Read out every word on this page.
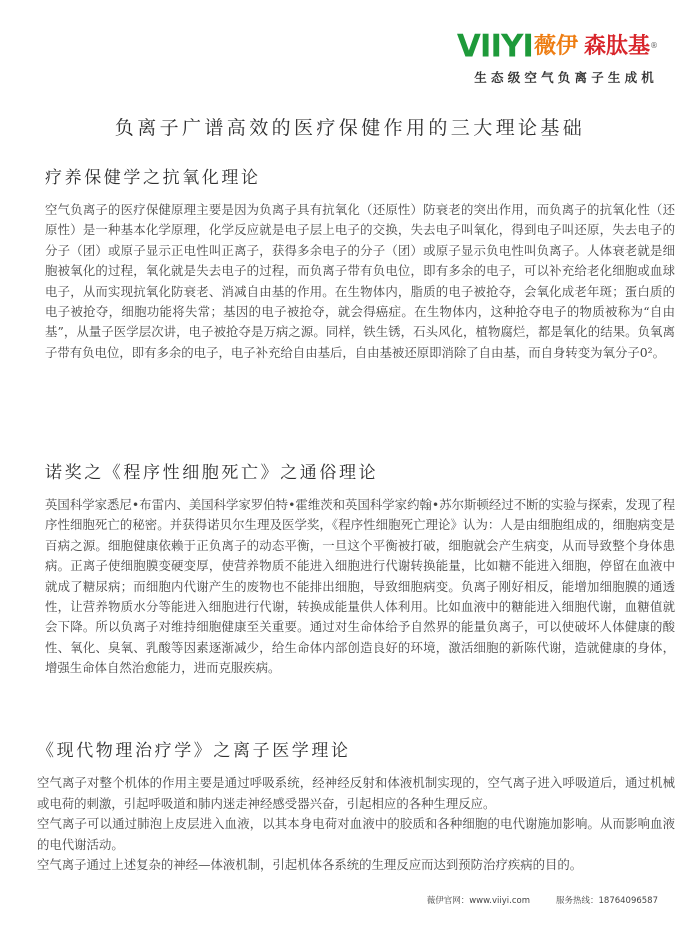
VIIYI薇伊 森肽基®
生态级空气负离子生成机
负离子广谱高效的医疗保健作用的三大理论基础
疗养保健学之抗氧化理论

空气负离子的医疗保健原理主要是因为负离子具有抗氧化（还原性）防衰老的突出作用，而负离子的抗氧化性（还原性）是一种基本化学原理，化学反应就是电子层上电子的交换，失去电子叫氧化，得到电子叫还原，失去电子的分子（团）或原子显示正电性叫正离子，获得多余电子的分子（团）或原子显示负电性叫负离子。人体衰老就是细胞被氧化的过程，氧化就是失去电子的过程，而负离子带有负电位，即有多余的电子，可以补充给老化细胞或血球电子，从而实现抗氧化防衰老、消减自由基的作用。在生物体内，脂质的电子被抢夺，会氧化成老年斑；蛋白质的电子被抢夺，细胞功能将失常；基因的电子被抢夺，就会得癌症。在生物体内，这种抢夺电子的物质被称为“自由基”，从量子医学层次讲，电子被抢夺是万病之源。同样，铁生锈，石头风化，植物腐烂，都是氧化的结果。负氧离子带有负电位，即有多余的电子，电子补充给自由基后，自由基被还原即消除了自由基，而自身转变为氧分子0²。

诺奖之《程序性细胞死亡》之通俗理论

英国科学家悉尼•布雷内、美国科学家罗伯特•霍维茨和英国科学家约翰•苏尔斯顿经过不断的实验与探索，发现了程序性细胞死亡的秘密。并获得诺贝尔生理及医学奖，《程序性细胞死亡理论》认为：人是由细胞组成的，细胞病变是百病之源。细胞健康依赖于正负离子的动态平衡，一旦这个平衡被打破，细胞就会产生病变，从而导致整个身体患病。正离子使细胞膜变硬变厚，使营养物质不能进入细胞进行代谢转换能量，比如糖不能进入细胞，停留在血液中就成了糖尿病；而细胞内代谢产生的废物也不能排出细胞，导致细胞病变。负离子刚好相反，能增加细胞膜的通透性，让营养物质水分等能进入细胞进行代谢，转换成能量供人体利用。比如血液中的糖能进入细胞代谢，血糖值就会下降。所以负离子对维持细胞健康至关重要。通过对生命体给予自然界的能量负离子，可以使破坏人体健康的酸性、氧化、臭氧、乳酸等因素逐渐减少，给生命体内部创造良好的环境，激活细胞的新陈代谢，造就健康的身体，增强生命体自然治愈能力，进而克服疾病。

《现代物理治疗学》之离子医学理论

空气离子对整个机体的作用主要是通过呼吸系统，经神经反射和体液机制实现的，空气离子进入呼吸道后，通过机械或电荷的刺激，引起呼吸道和肺内迷走神经感受器兴奋，引起相应的各种生理反应。

空气离子可以通过肺泡上皮层进入血液，以其本身电荷对血液中的胶质和各种细胞的电代谢施加影响。从而影响血液的电代谢活动。

空气离子通过上述复杂的神经—体液机制，引起机体各系统的生理反应而达到预防治疗疾病的目的。

薇伊官网：www.viiyi.com	服务热线：18764096587
